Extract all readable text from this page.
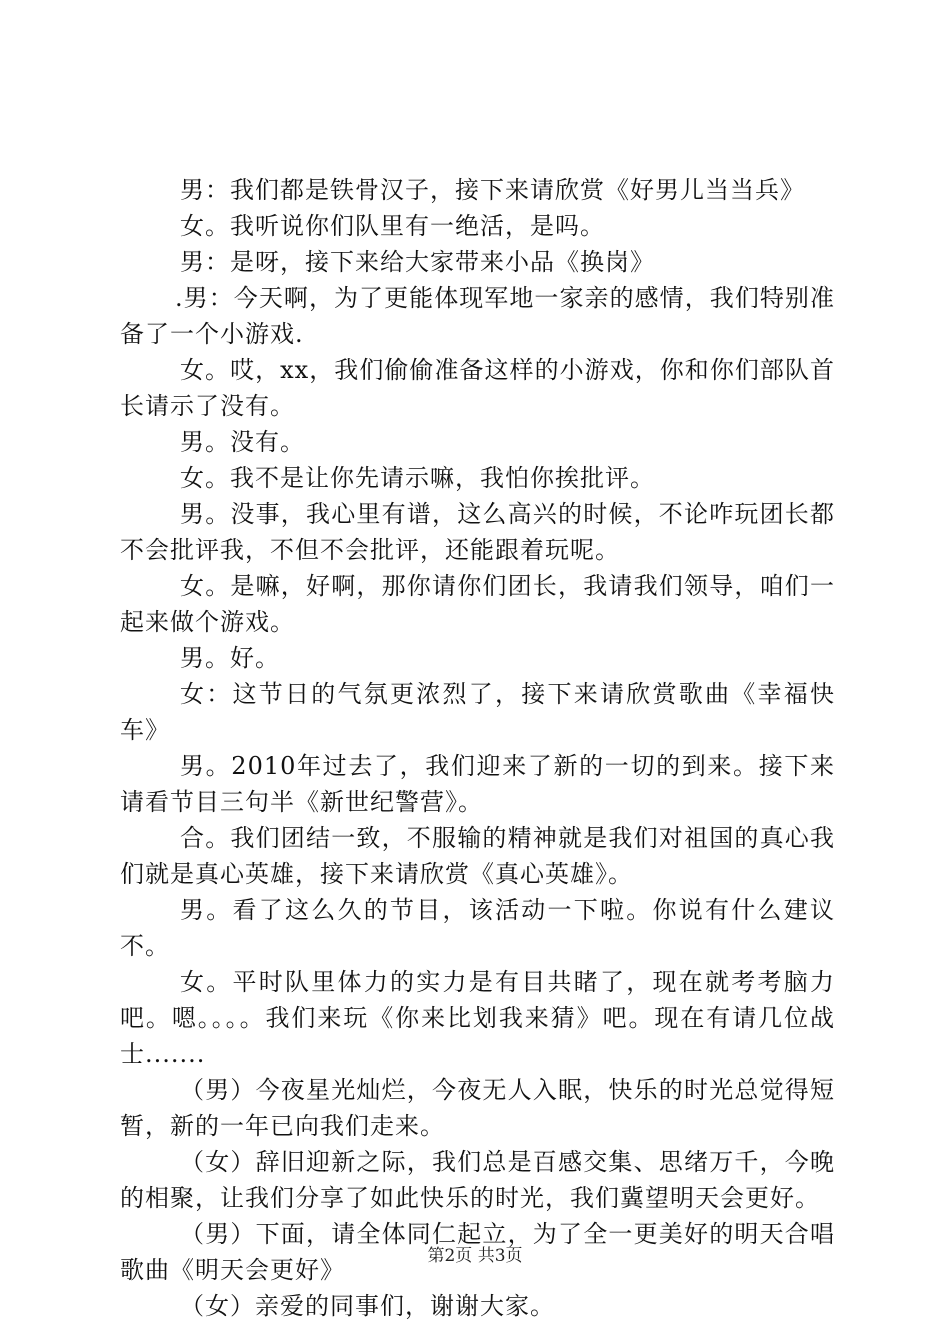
男：我们都是铁骨汉子，接下来请欣赏《好男儿当当兵》

女。我听说你们队里有一绝活，是吗。

男：是呀，接下来给大家带来小品《换岗》

.男：今天啊，为了更能体现军地一家亲的感情，我们特别准备了一个小游戏.

女。哎，xx，我们偷偷准备这样的小游戏，你和你们部队首长请示了没有。

男。没有。

女。我不是让你先请示嘛，我怕你挨批评。

男。没事，我心里有谱，这么高兴的时候，不论咋玩团长都不会批评我，不但不会批评，还能跟着玩呢。

女。是嘛，好啊，那你请你们团长，我请我们领导，咱们一起来做个游戏。

男。好。

女：这节日的气氛更浓烈了，接下来请欣赏歌曲《幸福快车》

男。2010年过去了，我们迎来了新的一切的到来。接下来请看节目三句半《新世纪警营》。

合。我们团结一致，不服输的精神就是我们对祖国的真心我们就是真心英雄，接下来请欣赏《真心英雄》。

男。看了这么久的节目，该活动一下啦。你说有什么建议不。

女。平时队里体力的实力是有目共睹了，现在就考考脑力吧。嗯。。。。我们来玩《你来比划我来猜》吧。现在有请几位战士.......

（男）今夜星光灿烂，今夜无人入眠，快乐的时光总觉得短暂，新的一年已向我们走来。

（女）辞旧迎新之际，我们总是百感交集、思绪万千，今晚的相聚，让我们分享了如此快乐的时光，我们冀望明天会更好。

（男）下面，请全体同仁起立，为了全一更美好的明天合唱歌曲《明天会更好》

（女）亲爱的同事们，谢谢大家。

第2页 共3页
